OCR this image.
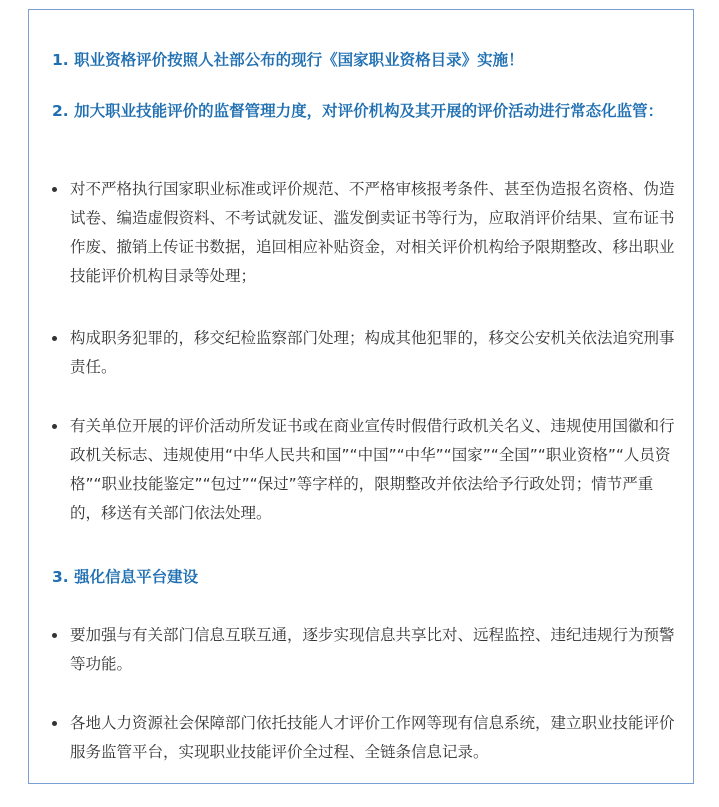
1. 职业资格评价按照人社部公布的现行《国家职业资格目录》实施！
2. 加大职业技能评价的监督管理力度，对评价机构及其开展的评价活动进行常态化监管：
对不严格执行国家职业标准或评价规范、不严格审核报考条件、甚至伪造报名资格、伪造试卷、编造虚假资料、不考试就发证、滥发倒卖证书等行为，应取消评价结果、宣布证书作废、撤销上传证书数据，追回相应补贴资金，对相关评价机构给予限期整改、移出职业技能评价机构目录等处理；
构成职务犯罪的，移交纪检监察部门处理；构成其他犯罪的，移交公安机关依法追究刑事责任。
有关单位开展的评价活动所发证书或在商业宣传时假借行政机关名义、违规使用国徽和行政机关标志、违规使用“中华人民共和国”“中国”“中华”“国家”“全国”“职业资格”“人员资格”“职业技能鉴定”“包过”“保过”等字样的，限期整改并依法给予行政处罚；情节严重的，移送有关部门依法处理。
3. 强化信息平台建设
要加强与有关部门信息互联互通，逐步实现信息共享比对、远程监控、违纪违规行为预警等功能。
各地人力资源社会保障部门依托技能人才评价工作网等现有信息系统，建立职业技能评价服务监管平台，实现职业技能评价全过程、全链条信息记录。
